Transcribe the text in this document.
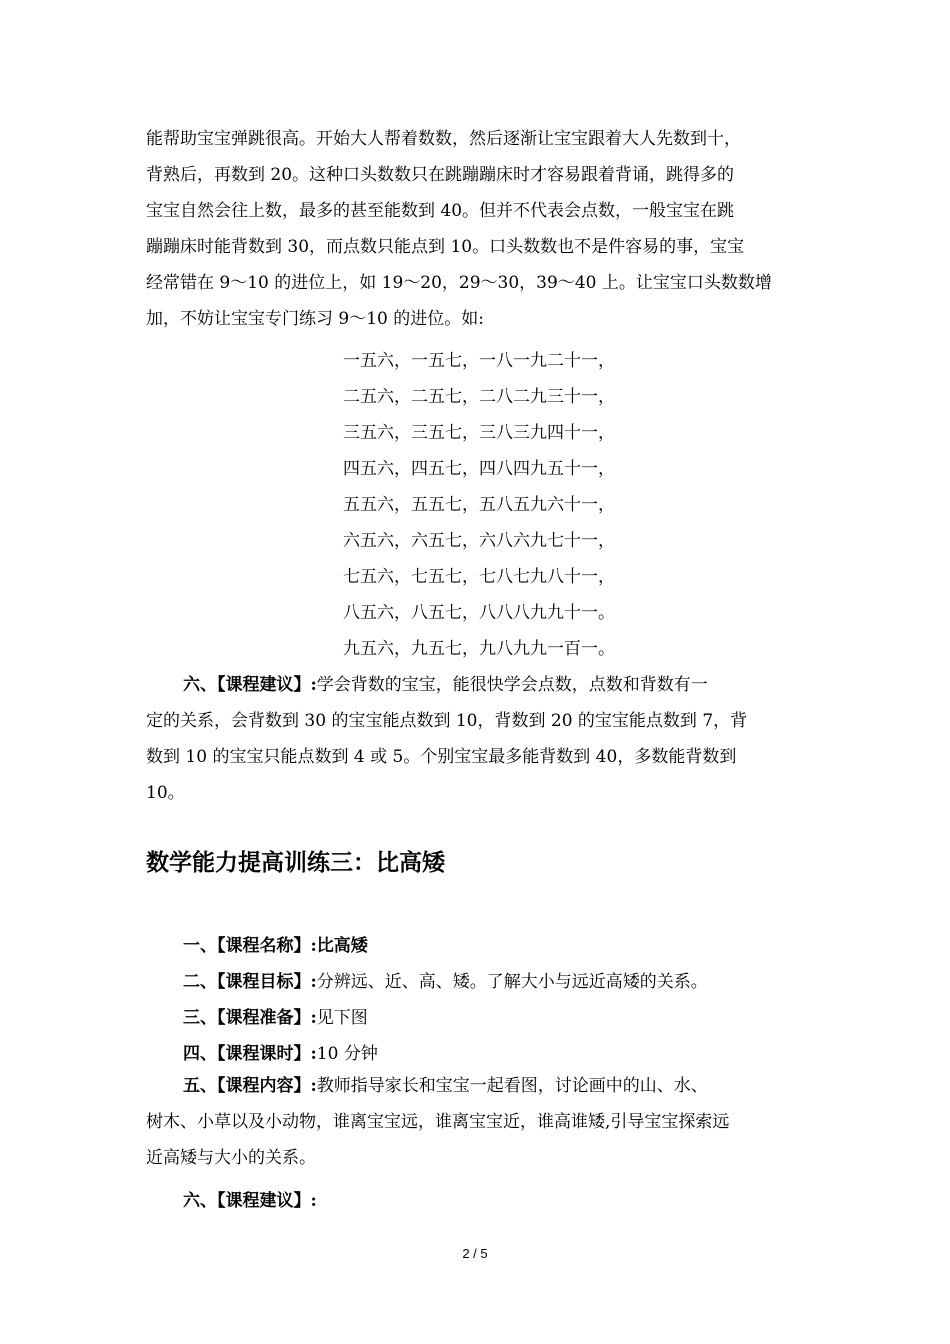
能帮助宝宝弹跳很高。开始大人帮着数数，然后逐渐让宝宝跟着大人先数到十，
背熟后，再数到 20。这种口头数数只在跳蹦蹦床时才容易跟着背诵，跳得多的
宝宝自然会往上数，最多的甚至能数到 40。但并不代表会点数，一般宝宝在跳
蹦蹦床时能背数到 30，而点数只能点到 10。口头数数也不是件容易的事，宝宝
经常错在 9～10 的进位上，如 19～20，29～30，39～40 上。让宝宝口头数数增
加，不妨让宝宝专门练习 9～10 的进位。如:

一五六，一五七，一八一九二十一，
二五六，二五七，二八二九三十一，
三五六，三五七，三八三九四十一，
四五六，四五七，四八四九五十一，
五五六，五五七，五八五九六十一，
六五六，六五七，六八六九七十一，
七五六，七五七，七八七九八十一，
八五六，八五七，八八八九九十一。
九五六，九五七，九八九九一百一。

六、【课程建议】:学会背数的宝宝，能很快学会点数，点数和背数有一
定的关系，会背数到 30 的宝宝能点数到 10，背数到 20 的宝宝能点数到 7，背
数到 10 的宝宝只能点数到 4 或 5。个别宝宝最多能背数到 40，多数能背数到
10。

数学能力提高训练三：比高矮
一、【课程名称】:比高矮
二、【课程目标】:分辨远、近、高、矮。了解大小与远近高矮的关系。
三、【课程准备】:见下图
四、【课程课时】:10 分钟

五、【课程内容】:教师指导家长和宝宝一起看图，讨论画中的山、水、
树木、小草以及小动物，谁离宝宝远，谁离宝宝近，谁高谁矮,引导宝宝探索远
近高矮与大小的关系。

六、【课程建议】:
2 / 5
